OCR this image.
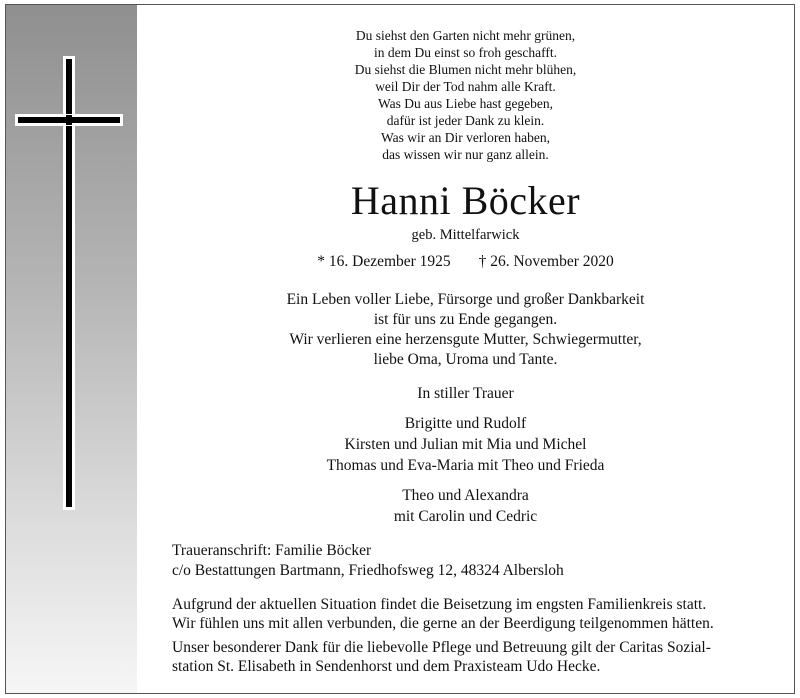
Du siehst den Garten nicht mehr grünen,
in dem Du einst so froh geschafft.
Du siehst die Blumen nicht mehr blühen,
weil Dir der Tod nahm alle Kraft.
Was Du aus Liebe hast gegeben,
dafür ist jeder Dank zu klein.
Was wir an Dir verloren haben,
das wissen wir nur ganz allein.
Hanni Böcker
geb. Mittelfarwick
* 16. Dezember 1925 † 26. November 2020
Ein Leben voller Liebe, Fürsorge und großer Dankbarkeit
ist für uns zu Ende gegangen.
Wir verlieren eine herzensgute Mutter, Schwiegermutter,
liebe Oma, Uroma und Tante.
In stiller Trauer
Brigitte und Rudolf
Kirsten und Julian mit Mia und Michel
Thomas und Eva-Maria mit Theo und Frieda
Theo und Alexandra
mit Carolin und Cedric
Traueranschrift: Familie Böcker
c/o Bestattungen Bartmann, Friedhofsweg 12, 48324 Albersloh

Aufgrund der aktuellen Situation findet die Beisetzung im engsten Familienkreis statt.
Wir fühlen uns mit allen verbunden, die gerne an der Beerdigung teilgenommen hätten.

Unser besonderer Dank für die liebevolle Pflege und Betreuung gilt der Caritas Sozial-
station St. Elisabeth in Sendenhorst und dem Praxisteam Udo Hecke.
